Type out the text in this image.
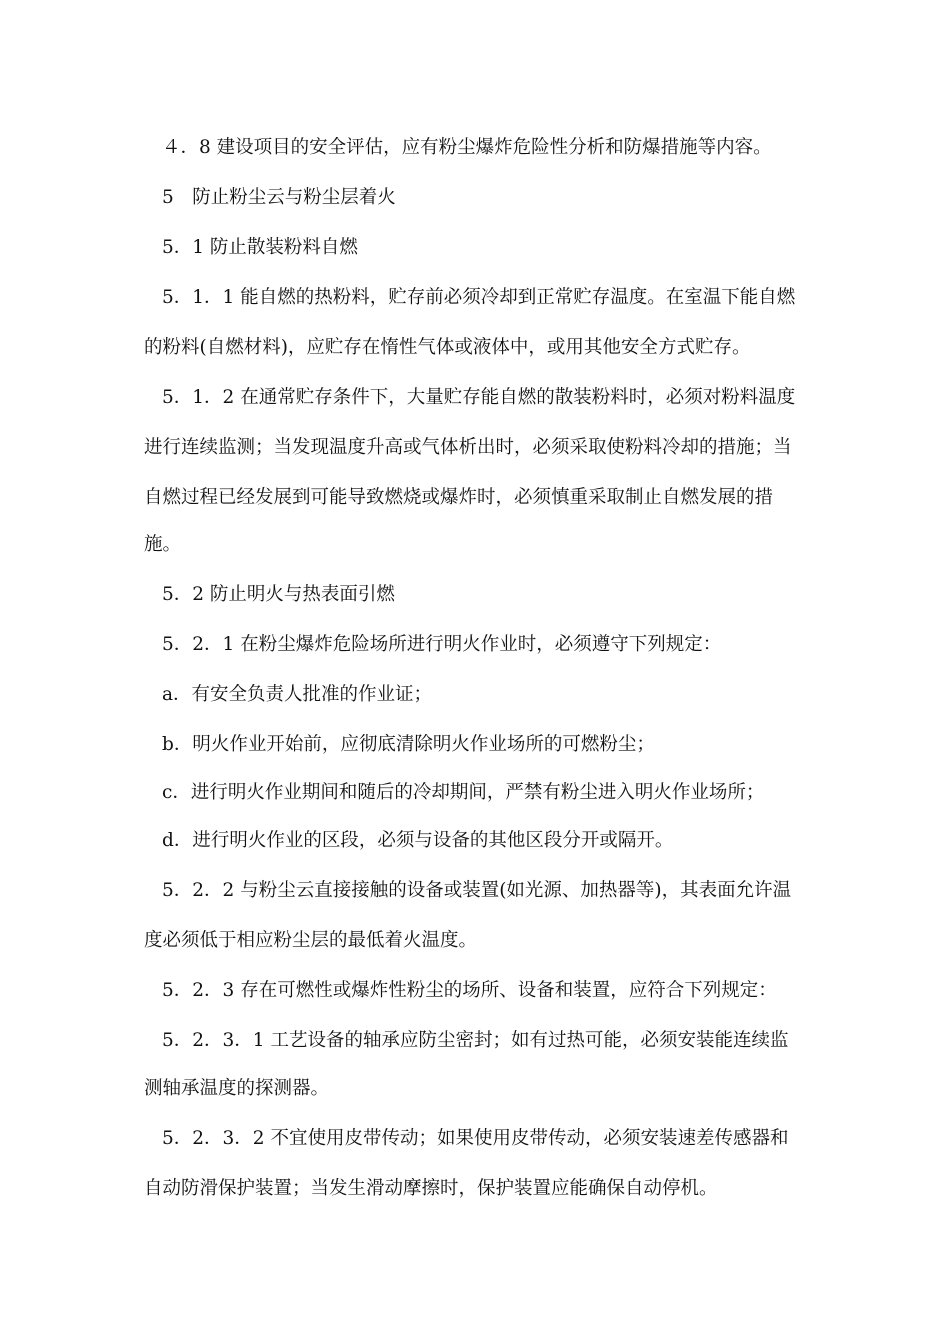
４．8 建设项目的安全评估，应有粉尘爆炸危险性分析和防爆措施等内容。
5　防止粉尘云与粉尘层着火
5．1 防止散装粉料自燃
5．1．1 能自燃的热粉料，贮存前必须冷却到正常贮存温度。在室温下能自燃
的粉料(自燃材料)，应贮存在惰性气体或液体中，或用其他安全方式贮存。
5．1．2 在通常贮存条件下，大量贮存能自燃的散装粉料时，必须对粉料温度
进行连续监测；当发现温度升高或气体析出时，必须采取使粉料冷却的措施；当
自燃过程已经发展到可能导致燃烧或爆炸时，必须慎重采取制止自燃发展的措
施。
5．2 防止明火与热表面引燃
5．2．1 在粉尘爆炸危险场所进行明火作业时，必须遵守下列规定：
a．有安全负责人批准的作业证；
b．明火作业开始前，应彻底清除明火作业场所的可燃粉尘；
c．进行明火作业期间和随后的冷却期间，严禁有粉尘进入明火作业场所；
d．进行明火作业的区段，必须与设备的其他区段分开或隔开。
5．2．2 与粉尘云直接接触的设备或装置(如光源、加热器等)，其表面允许温
度必须低于相应粉尘层的最低着火温度。
5．2．3 存在可燃性或爆炸性粉尘的场所、设备和装置，应符合下列规定：
5．2．3．1 工艺设备的轴承应防尘密封；如有过热可能，必须安装能连续监
测轴承温度的探测器。
5．2．3．2 不宜使用皮带传动；如果使用皮带传动，必须安装速差传感器和
自动防滑保护装置；当发生滑动摩擦时，保护装置应能确保自动停机。
